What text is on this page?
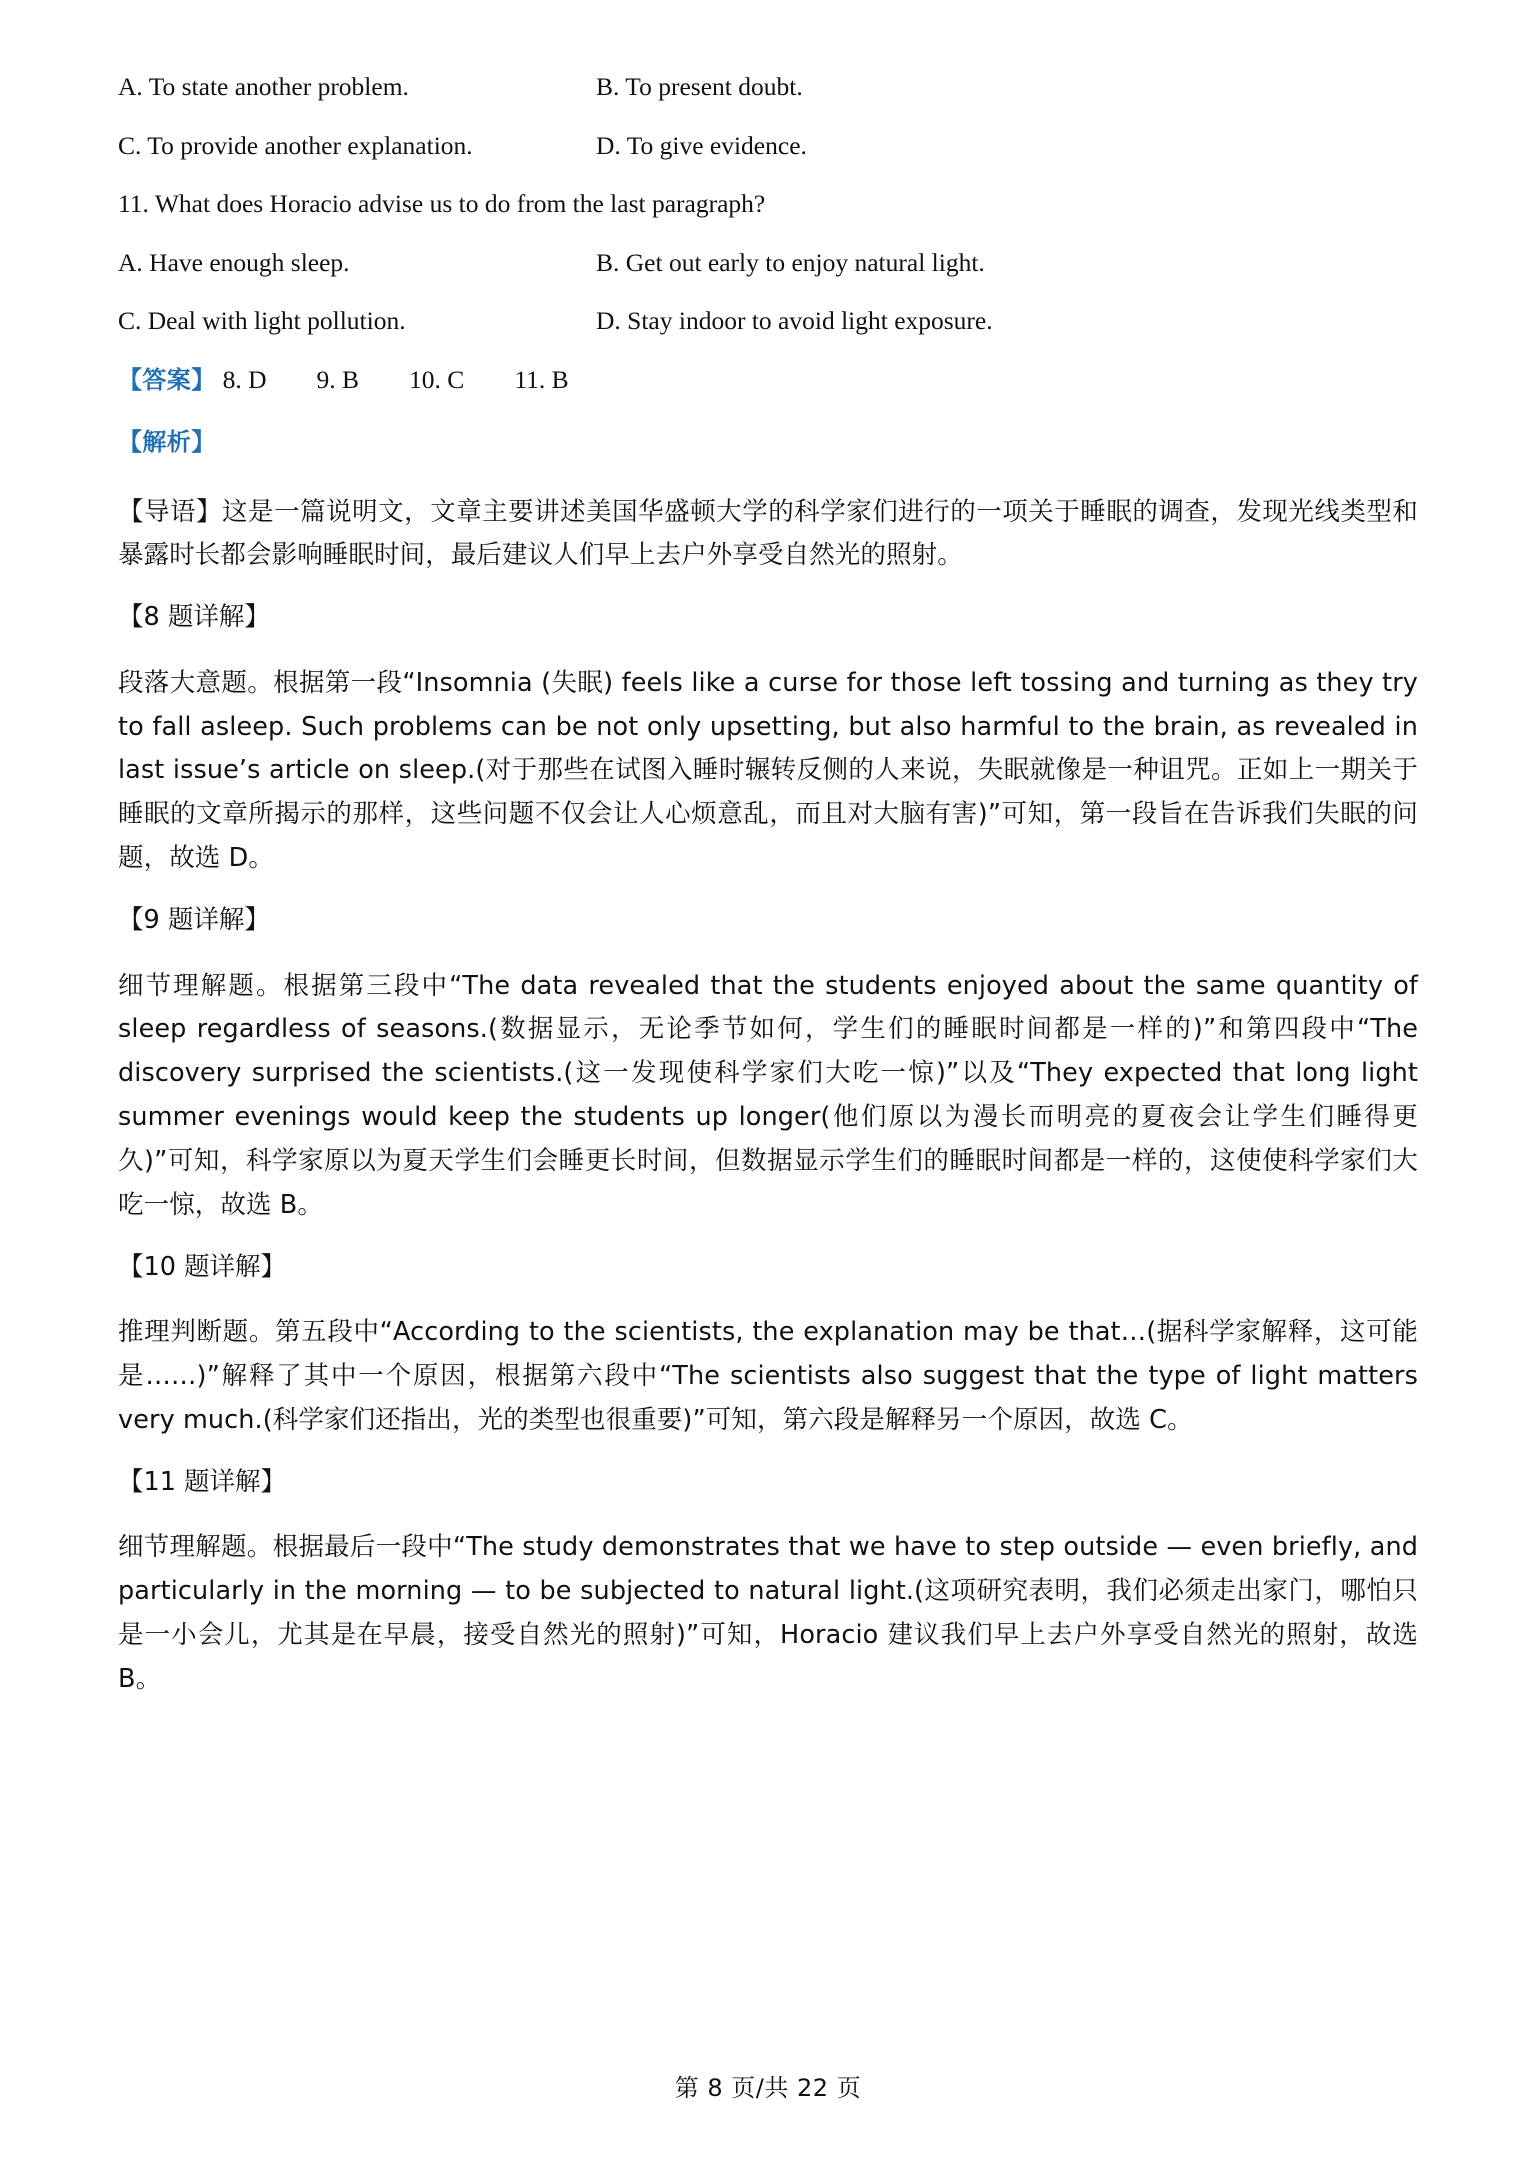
A. To state another problem.	B. To present doubt.
C. To provide another explanation.	D. To give evidence.
11. What does Horacio advise us to do from the last paragraph?
A. Have enough sleep.	B. Get out early to enjoy natural light.
C. Deal with light pollution.	D. Stay indoor to avoid light exposure.
【答案】 8. D 9. B 10. C 11. B
【解析】
【导语】这是一篇说明文，文章主要讲述美国华盛顿大学的科学家们进行的一项关于睡眠的调查，发现光线类型和暴露时长都会影响睡眠时间，最后建议人们早上去户外享受自然光的照射。
【8 题详解】
段落大意题。根据第一段“Insomnia (失眠) feels like a curse for those left tossing and turning as they try to fall asleep. Such problems can be not only upsetting, but also harmful to the brain, as revealed in last issue’s article on sleep.(对于那些在试图入睡时辗转反侧的人来说，失眠就像是一种诅咒。正如上一期关于睡眠的文章所揭示的那样，这些问题不仅会让人心烦意乱，而且对大脑有害)”可知，第一段旨在告诉我们失眠的问题，故选 D。
【9 题详解】
细节理解题。根据第三段中“The data revealed that the students enjoyed about the same quantity of sleep regardless of seasons.(数据显示，无论季节如何，学生们的睡眠时间都是一样的)”和第四段中“The discovery surprised the scientists.(这一发现使科学家们大吃一惊)”以及“They expected that long light summer evenings would keep the students up longer(他们原以为漫长而明亮的夏夜会让学生们睡得更久)”可知，科学家原以为夏天学生们会睡更长时间，但数据显示学生们的睡眠时间都是一样的，这使使科学家们大吃一惊，故选 B。
【10 题详解】
推理判断题。第五段中“According to the scientists, the explanation may be that…(据科学家解释，这可能是……)”解释了其中一个原因，根据第六段中“The scientists also suggest that the type of light matters very much.(科学家们还指出，光的类型也很重要)”可知，第六段是解释另一个原因，故选 C。
【11 题详解】
细节理解题。根据最后一段中“The study demonstrates that we have to step outside — even briefly, and particularly in the morning — to be subjected to natural light.(这项研究表明，我们必须走出家门，哪怕只是一小会儿，尤其是在早晨，接受自然光的照射)”可知，Horacio 建议我们早上去户外享受自然光的照射，故选 B。
第 8 页/共 22 页
